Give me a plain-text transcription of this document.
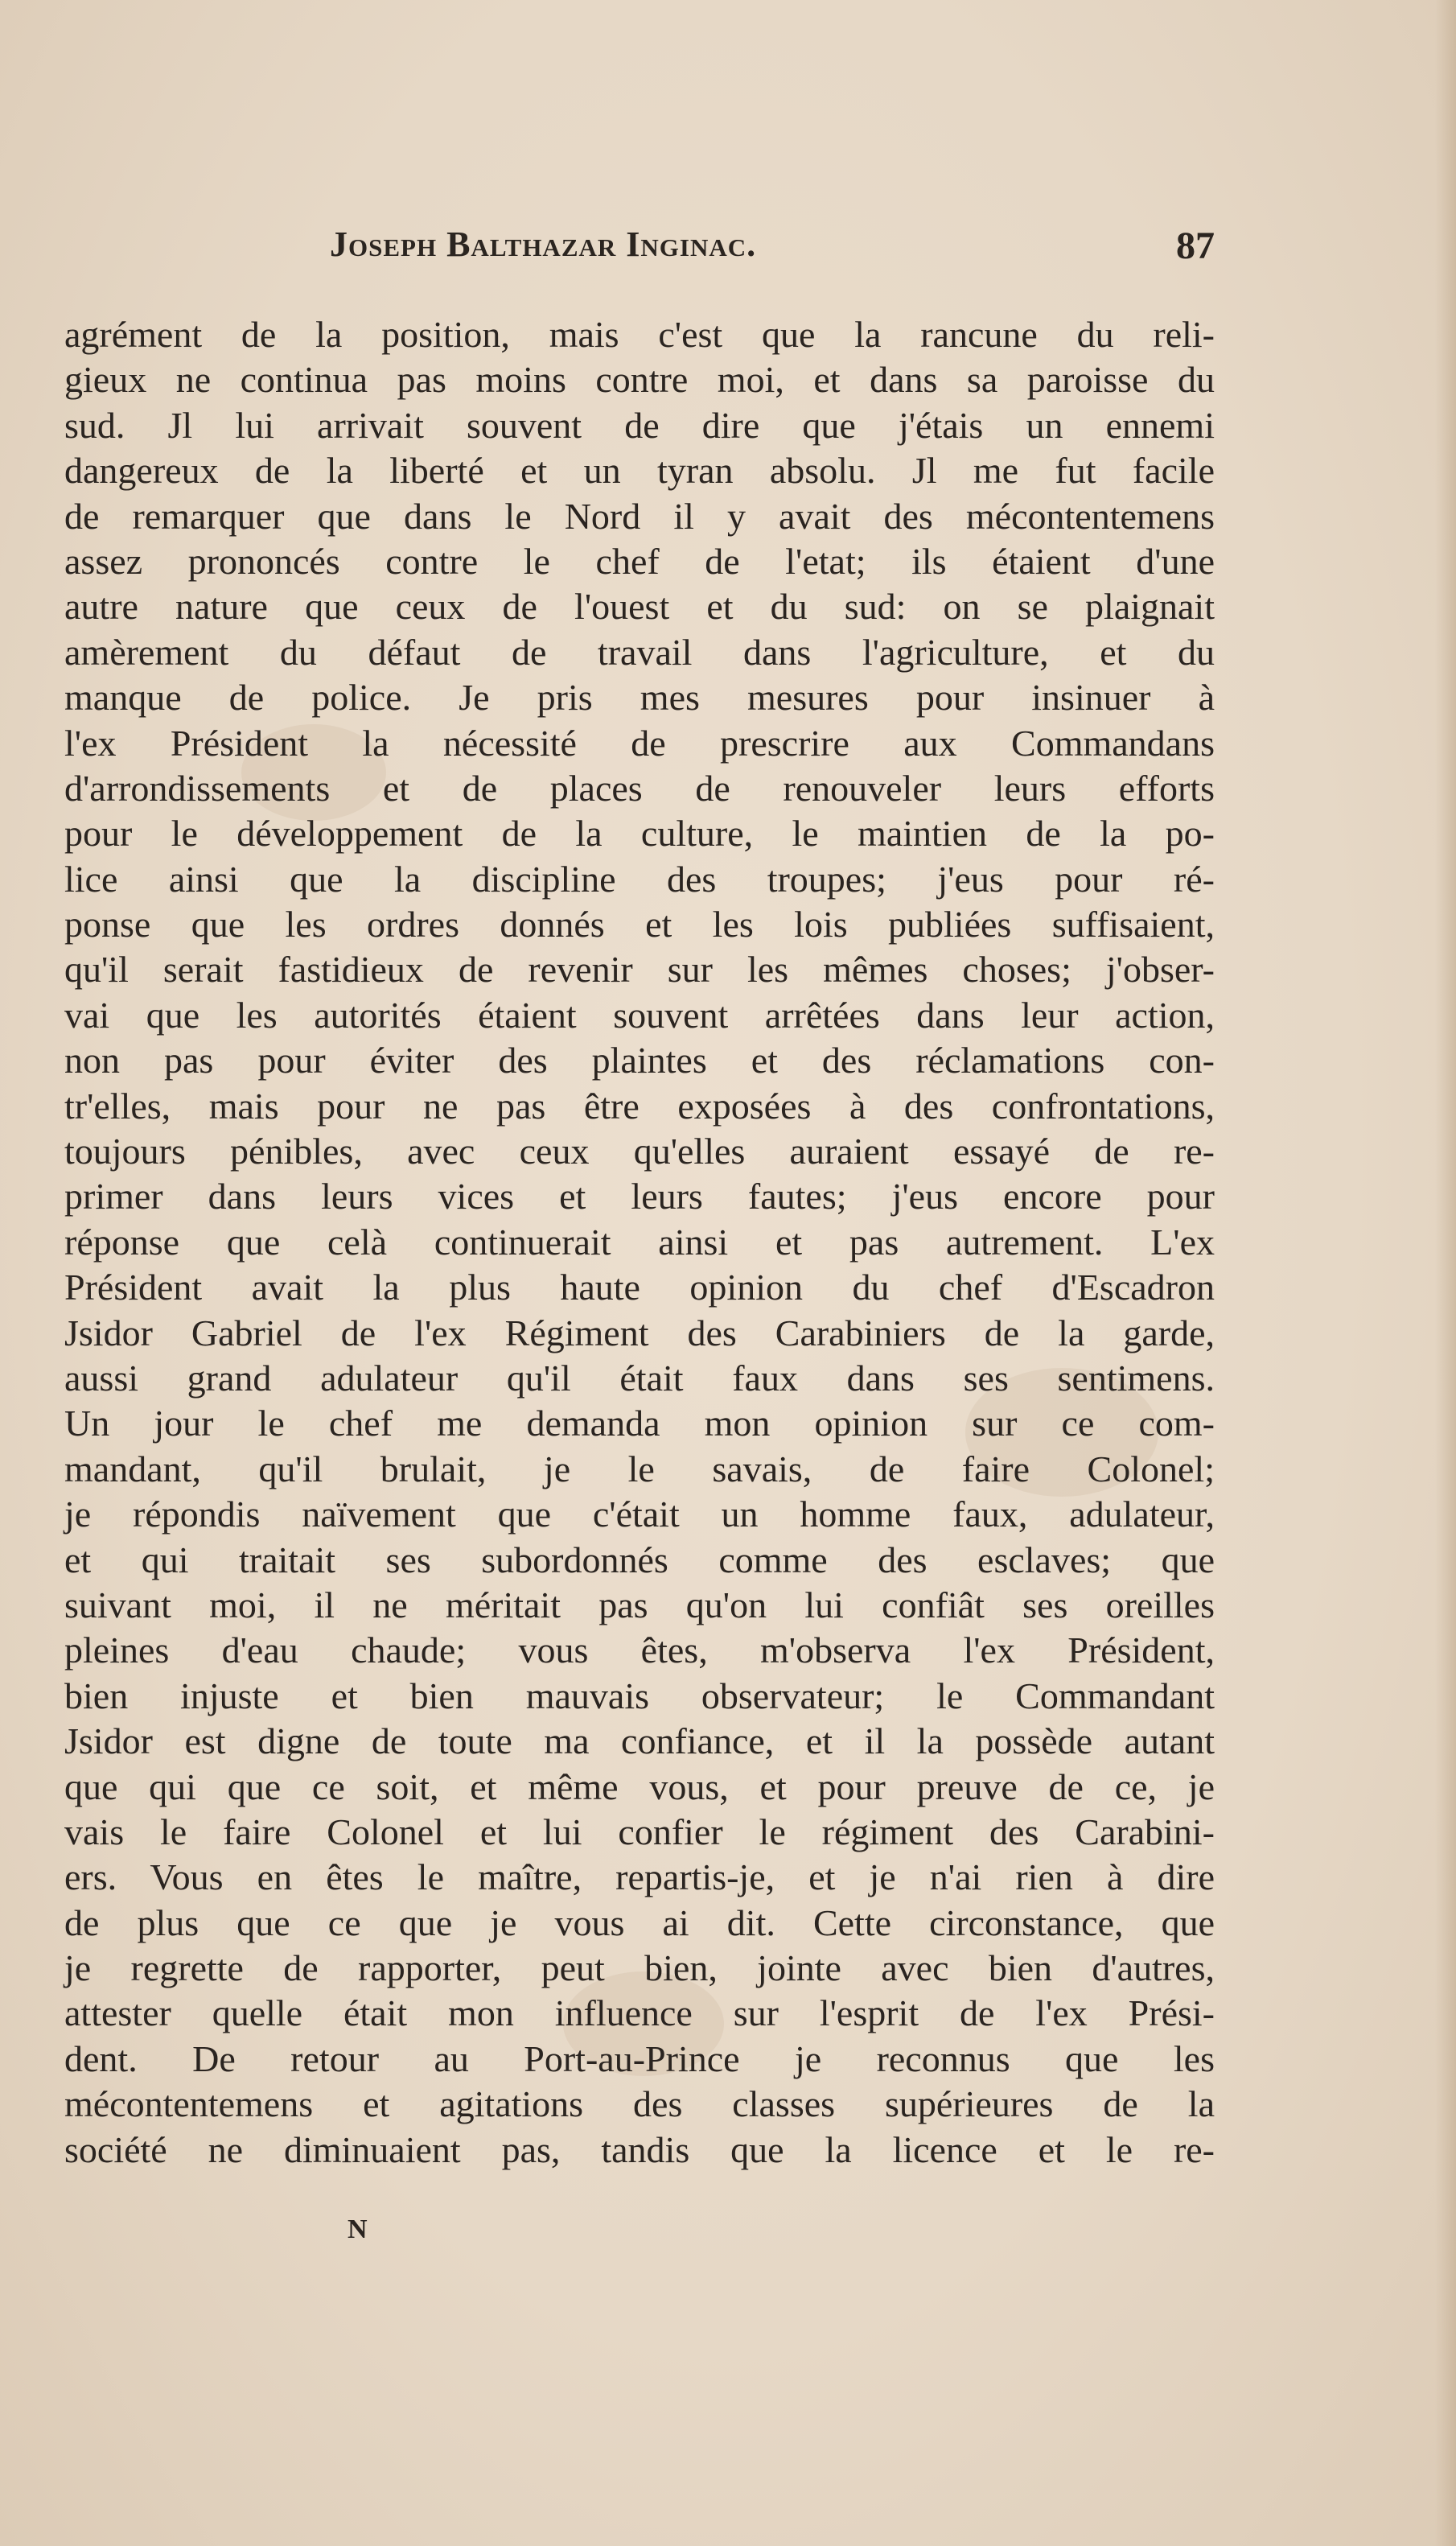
Joseph Balthazar Inginac.	87
agrément de la position, mais c'est que la rancune du reli-
gieux ne continua pas moins contre moi, et dans sa paroisse du
sud. Jl lui arrivait souvent de dire que j'étais un ennemi
dangereux de la liberté et un tyran absolu. Jl me fut facile
de remarquer que dans le Nord il y avait des mécontentemens
assez prononcés contre le chef de l'etat; ils étaient d'une
autre nature que ceux de l'ouest et du sud: on se plaignait
amèrement du défaut de travail dans l'agriculture, et du
manque de police. Je pris mes mesures pour insinuer à
l'ex Président la nécessité de prescrire aux Commandans
d'arrondissements et de places de renouveler leurs efforts
pour le développement de la culture, le maintien de la po-
lice ainsi que la discipline des troupes; j'eus pour ré-
ponse que les ordres donnés et les lois publiées suffisaient,
qu'il serait fastidieux de revenir sur les mêmes choses; j'obser-
vai que les autorités étaient souvent arrêtées dans leur action,
non pas pour éviter des plaintes et des réclamations con-
tr'elles, mais pour ne pas être exposées à des confrontations,
toujours pénibles, avec ceux qu'elles auraient essayé de re-
primer dans leurs vices et leurs fautes; j'eus encore pour
réponse que celà continuerait ainsi et pas autrement. L'ex
Président avait la plus haute opinion du chef d'Escadron
Jsidor Gabriel de l'ex Régiment des Carabiniers de la garde,
aussi grand adulateur qu'il était faux dans ses sentimens.
Un jour le chef me demanda mon opinion sur ce com-
mandant, qu'il brulait, je le savais, de faire Colonel;
je répondis naïvement que c'était un homme faux, adulateur,
et qui traitait ses subordonnés comme des esclaves; que
suivant moi, il ne méritait pas qu'on lui confiât ses oreilles
pleines d'eau chaude; vous êtes, m'observa l'ex Président,
bien injuste et bien mauvais observateur; le Commandant
Jsidor est digne de toute ma confiance, et il la possède autant
que qui que ce soit, et même vous, et pour preuve de ce, je
vais le faire Colonel et lui confier le régiment des Carabini-
ers. Vous en êtes le maître, repartis-je, et je n'ai rien à dire
de plus que ce que je vous ai dit. Cette circonstance, que
je regrette de rapporter, peut bien, jointe avec bien d'autres,
attester quelle était mon influence sur l'esprit de l'ex Prési-
dent. De retour au Port-au-Prince je reconnus que les
mécontentemens et agitations des classes supérieures de la
société ne diminuaient pas, tandis que la licence et le re-
N
